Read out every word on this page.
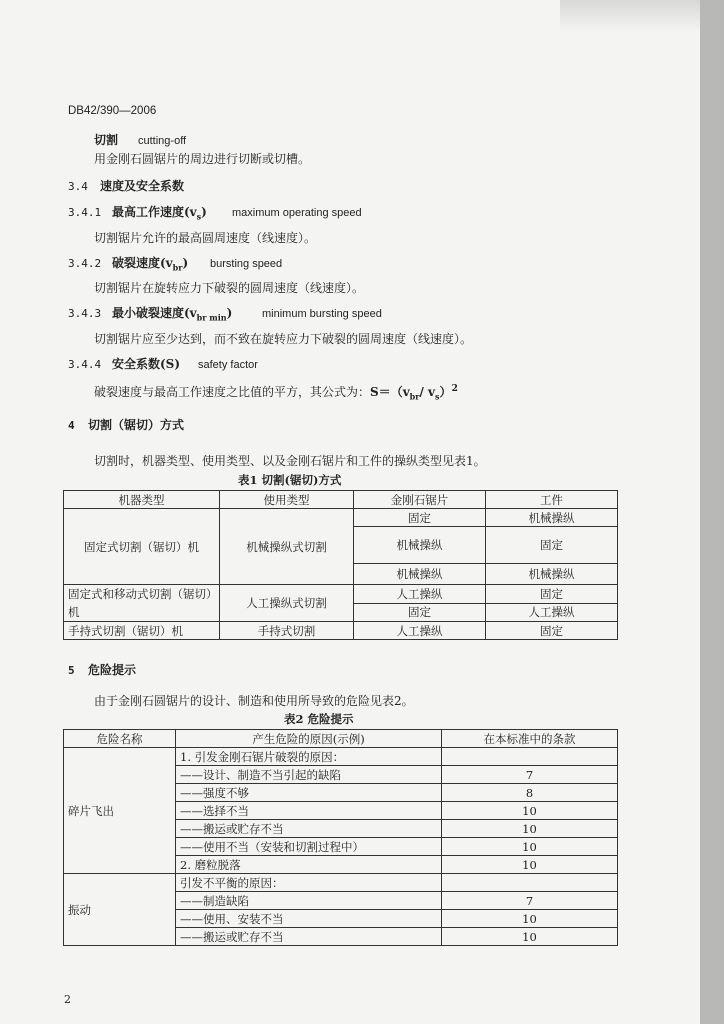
DB42/390—2006
切割 cutting-off
用金刚石圆锯片的周边进行切断或切槽。
3.4 速度及安全系数
3.4.1 最高工作速度$(v_s)$ maximum operating speed
切割锯片允许的最高圆周速度（线速度）。
3.4.2 破裂速度$(v_{br})$ bursting speed
切割锯片在旋转应力下破裂的圆周速度（线速度）。
3.4.3 最小破裂速度$(v_{br min})$	minimum bursting speed
切割锯片应至少达到，而不致在旋转应力下破裂的圆周速度（线速度）。
3.4.4 安全系数(S) safety factor
破裂速度与最高工作速度之比值的平方，其公式为：$S=(v_{br}/$ $v_s)^2$
4 切割（锯切）方式
切割时，机器类型、使用类型、以及金刚石锯片和工件的操纵类型见表1。
表1 切割(锯切)方式
机器类型	使用类型	金刚石锯片	工件
固定式切割（锯切）机	机械操纵式切割	固定	机械操纵
		机械操纵	固定
		机械操纵	机械操纵
固定式和移动式切割（锯切）机	人工操纵式切割	人工操纵	固定
		固定	人工操纵
手持式切割（锯切）机	手持式切割	人工操纵	固定
5 危险提示
由于金刚石圆锯片的设计、制造和使用所导致的危险见表2。
表2 危险提示
危险名称	产生危险的原因(示例)	在本标准中的条款
碎片飞出	1. 引发金刚石锯片破裂的原因：	
	——设计、制造不当引起的缺陷	7
	——强度不够	8
	——选择不当	10
	——搬运或贮存不当	10
	——使用不当（安装和切割过程中）	10
	2. 磨粒脱落	10
振动	引发不平衡的原因：	
	——制造缺陷	7
	——使用、安装不当	10
	——搬运或贮存不当	10
2
